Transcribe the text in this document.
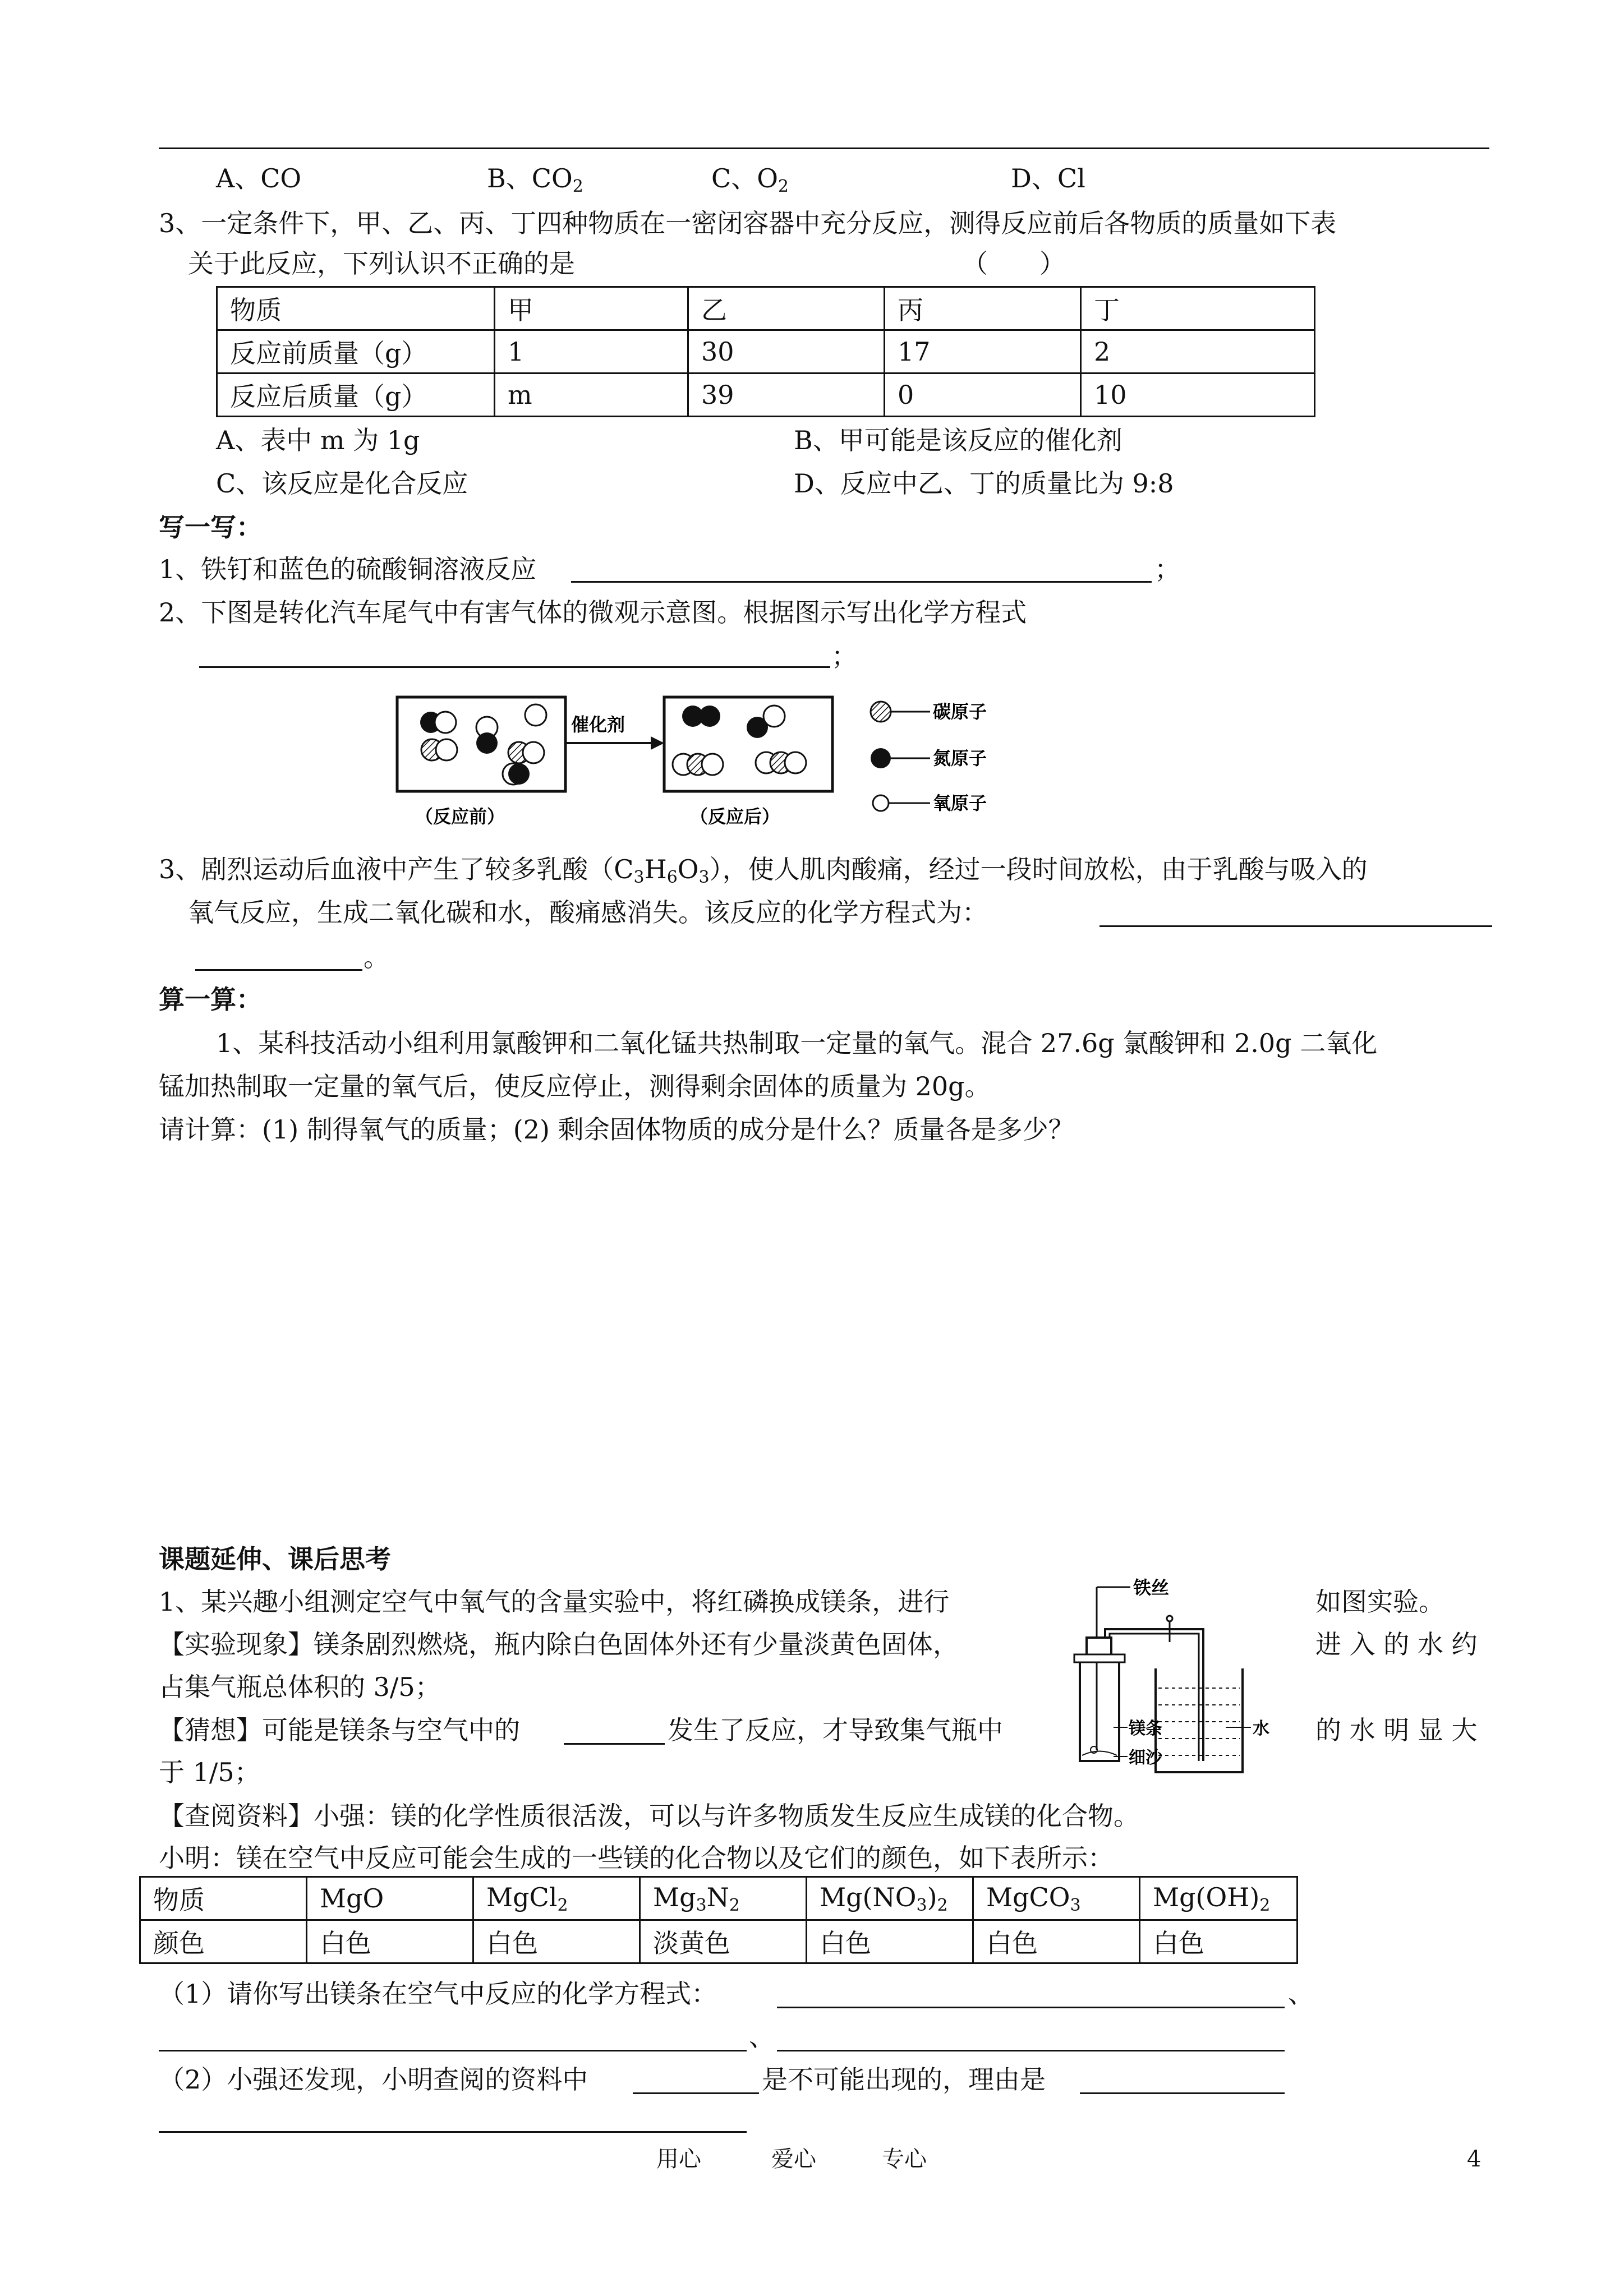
A、CO	B、$CO_2$	C、$O_2$	D、Cl
3、一定条件下，甲、乙、丙、丁四种物质在一密闭容器中充分反应，测得反应前后各物质的质量如下表
关于此反应，下列认识不正确的是	（　　）
物质	甲	乙	丙	丁
反应前质量（g）	1	30	17	2
反应后质量（g）	m	39	0	10
A、表中 m 为 1g	B、甲可能是该反应的催化剂
C、该反应是化合反应	D、反应中乙、丁的质量比为 9:8
写一写：
1、铁钉和蓝色的硫酸铜溶液反应	；
2、下图是转化汽车尾气中有害气体的微观示意图。根据图示写出化学方程式
；
催化剂
（反应前）	（反应后）
碳原子
氮原子
氧原子
3、剧烈运动后血液中产生了较多乳酸$(C_3H_6O_3)$，使人肌肉酸痛，经过一段时间放松，由于乳酸与吸入的
氧气反应，生成二氧化碳和水，酸痛感消失。该反应的化学方程式为：
。
算一算：
1、某科技活动小组利用氯酸钾和二氧化锰共热制取一定量的氧气。混合 27.6g 氯酸钾和 2.0g 二氧化
锰加热制取一定量的氧气后，使反应停止，测得剩余固体的质量为 20g。
请计算：(1) 制得氧气的质量；(2) 剩余固体物质的成分是什么？质量各是多少？
课题延伸、课后思考
1、某兴趣小组测定空气中氧气的含量实验中，将红磷换成镁条，进行	如图实验。
【实验现象】镁条剧烈燃烧，瓶内除白色固体外还有少量淡黄色固体，	进 入 的 水 约
占集气瓶总体积的 3/5；
【猜想】可能是镁条与空气中的	发生了反应，才导致集气瓶中	的 水 明 显 大
于 1/5；
铁丝
镁条
细沙
水
【查阅资料】小强：镁的化学性质很活泼，可以与许多物质发生反应生成镁的化合物。
小明：镁在空气中反应可能会生成的一些镁的化合物以及它们的颜色，如下表所示：
物质	MgO	MgCl$_2$	$Mg_3N_2$	$Mg(NO_3)_2$	MgCO$_3$	$Mg(OH)_2$
颜色	白色	白色	淡黄色	白色	白色	白色
（1）请你写出镁条在空气中反应的化学方程式：	、
、
（2）小强还发现，小明查阅的资料中	是不可能出现的，理由是
用心	爱心	专心	4
